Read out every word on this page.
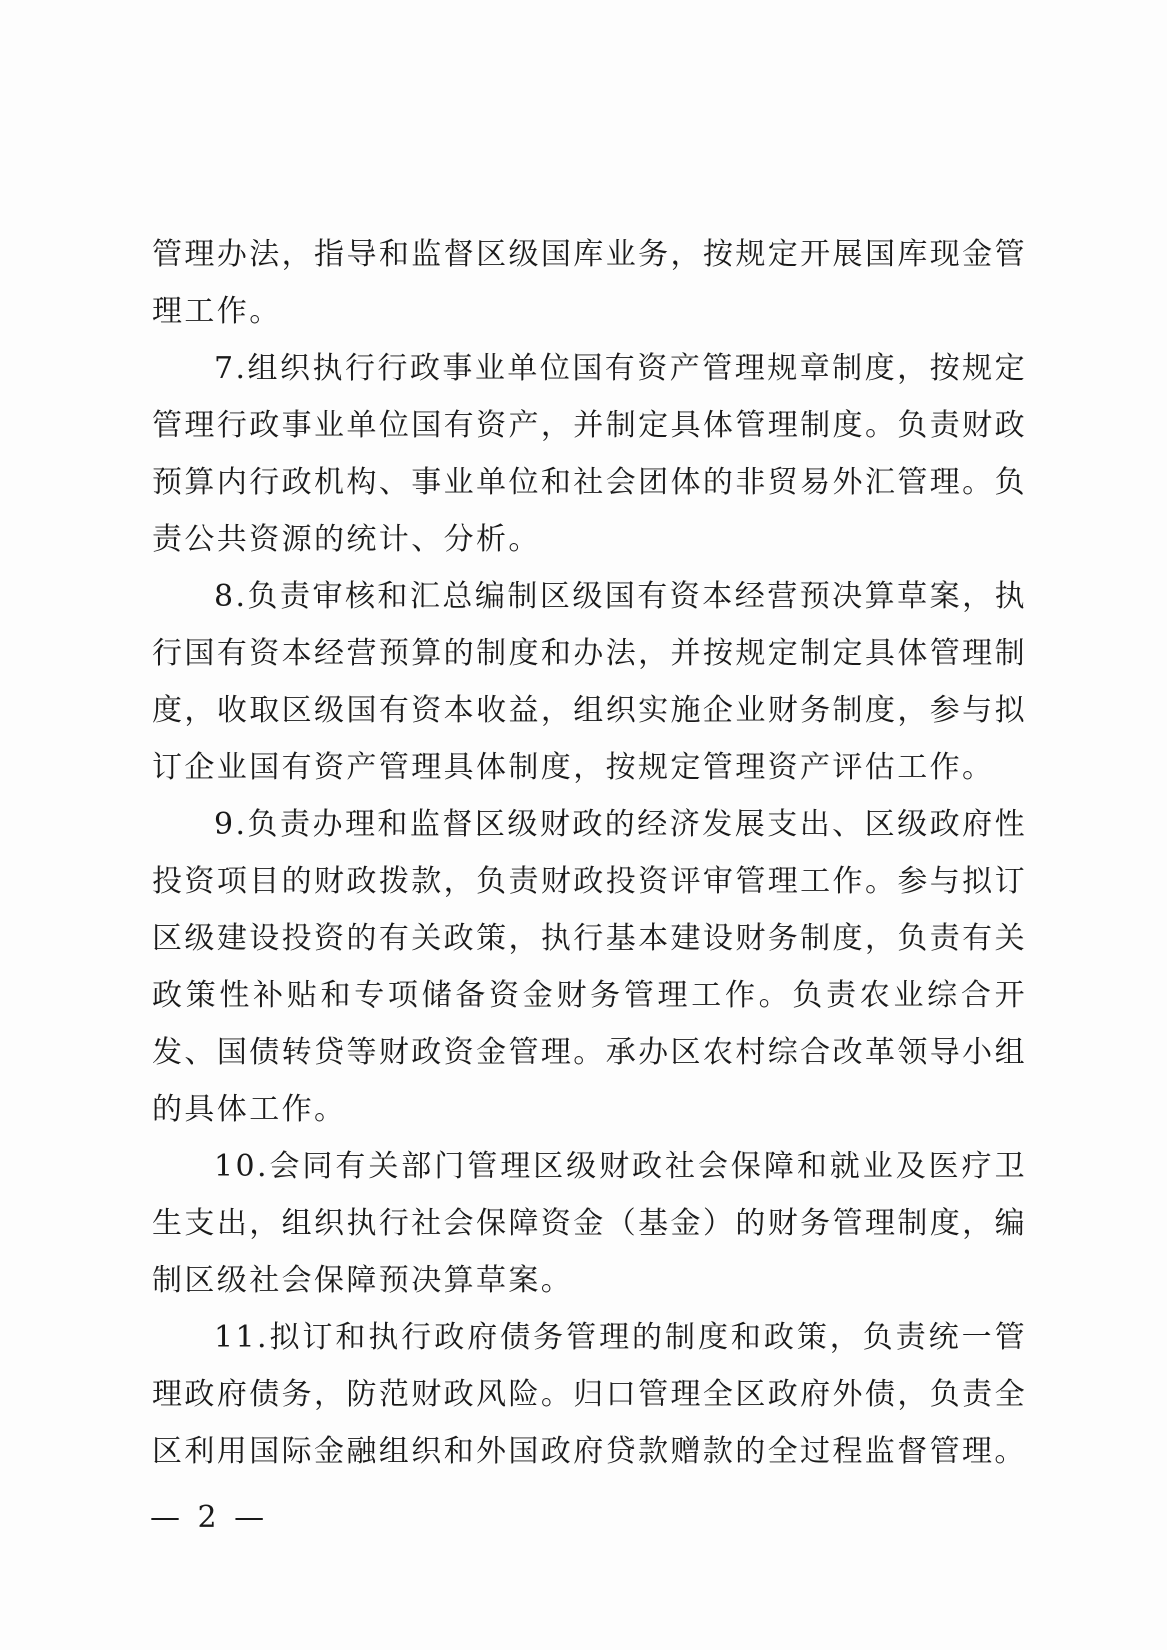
管理办法，指导和监督区级国库业务，按规定开展国库现金管理工作。

7.组织执行行政事业单位国有资产管理规章制度，按规定管理行政事业单位国有资产，并制定具体管理制度。负责财政预算内行政机构、事业单位和社会团体的非贸易外汇管理。负责公共资源的统计、分析。

8.负责审核和汇总编制区级国有资本经营预决算草案，执行国有资本经营预算的制度和办法，并按规定制定具体管理制度，收取区级国有资本收益，组织实施企业财务制度，参与拟订企业国有资产管理具体制度，按规定管理资产评估工作。

9.负责办理和监督区级财政的经济发展支出、区级政府性投资项目的财政拨款，负责财政投资评审管理工作。参与拟订区级建设投资的有关政策，执行基本建设财务制度，负责有关政策性补贴和专项储备资金财务管理工作。负责农业综合开发、国债转贷等财政资金管理。承办区农村综合改革领导小组的具体工作。

10.会同有关部门管理区级财政社会保障和就业及医疗卫生支出，组织执行社会保障资金（基金）的财务管理制度，编制区级社会保障预决算草案。

11.拟订和执行政府债务管理的制度和政策，负责统一管理政府债务，防范财政风险。归口管理全区政府外债，负责全区利用国际金融组织和外国政府贷款赠款的全过程监督管理。

— 2 —
